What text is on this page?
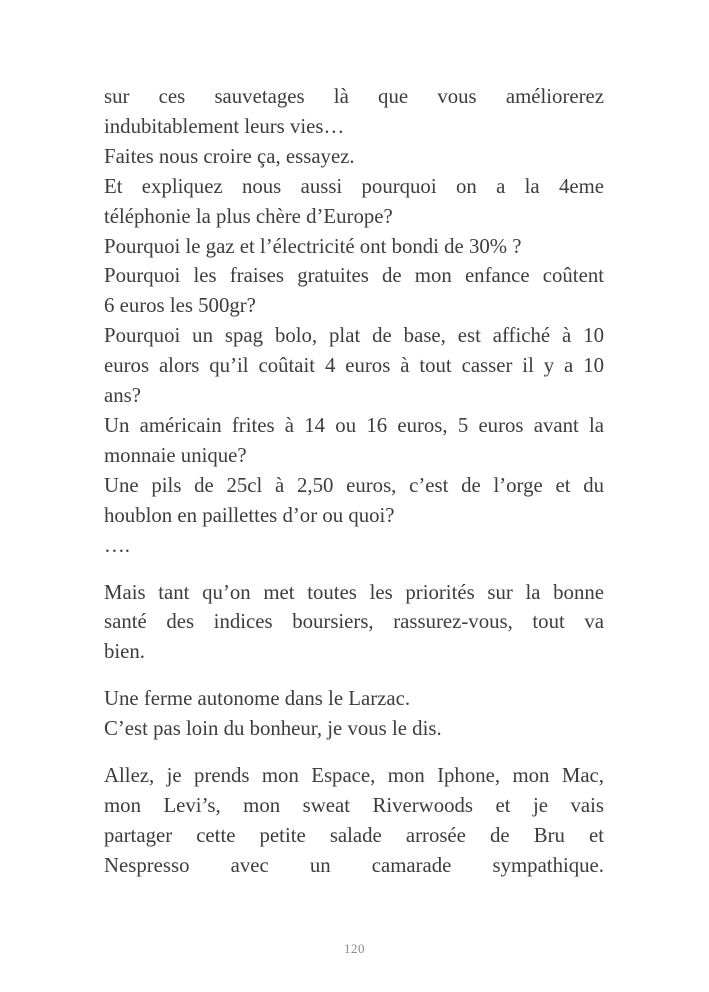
sur ces sauvetages là que vous améliorerez
indubitablement leurs vies…
Faites nous croire ça, essayez.
Et expliquez nous aussi pourquoi on a la 4eme
téléphonie la plus chère d’Europe?
Pourquoi le gaz et l’électricité ont bondi de 30% ?
Pourquoi les fraises gratuites de mon enfance coûtent
6 euros les 500gr?
Pourquoi un spag bolo, plat de base, est affiché à 10
euros alors qu’il coûtait 4 euros à tout casser il y a 10
ans?
Un américain frites à 14 ou 16 euros, 5 euros avant la
monnaie unique?
Une pils de 25cl à 2,50 euros, c’est de l’orge et du
houblon en paillettes d’or ou quoi?
….
Mais tant qu’on met toutes les priorités sur la bonne
santé des indices boursiers, rassurez-vous, tout va
bien.
Une ferme autonome dans le Larzac.
C’est pas loin du bonheur, je vous le dis.
Allez, je prends mon Espace, mon Iphone, mon Mac,
mon Levi’s, mon sweat Riverwoods et je vais
partager cette petite salade arrosée de Bru et
Nespresso avec un camarade sympathique.
120
